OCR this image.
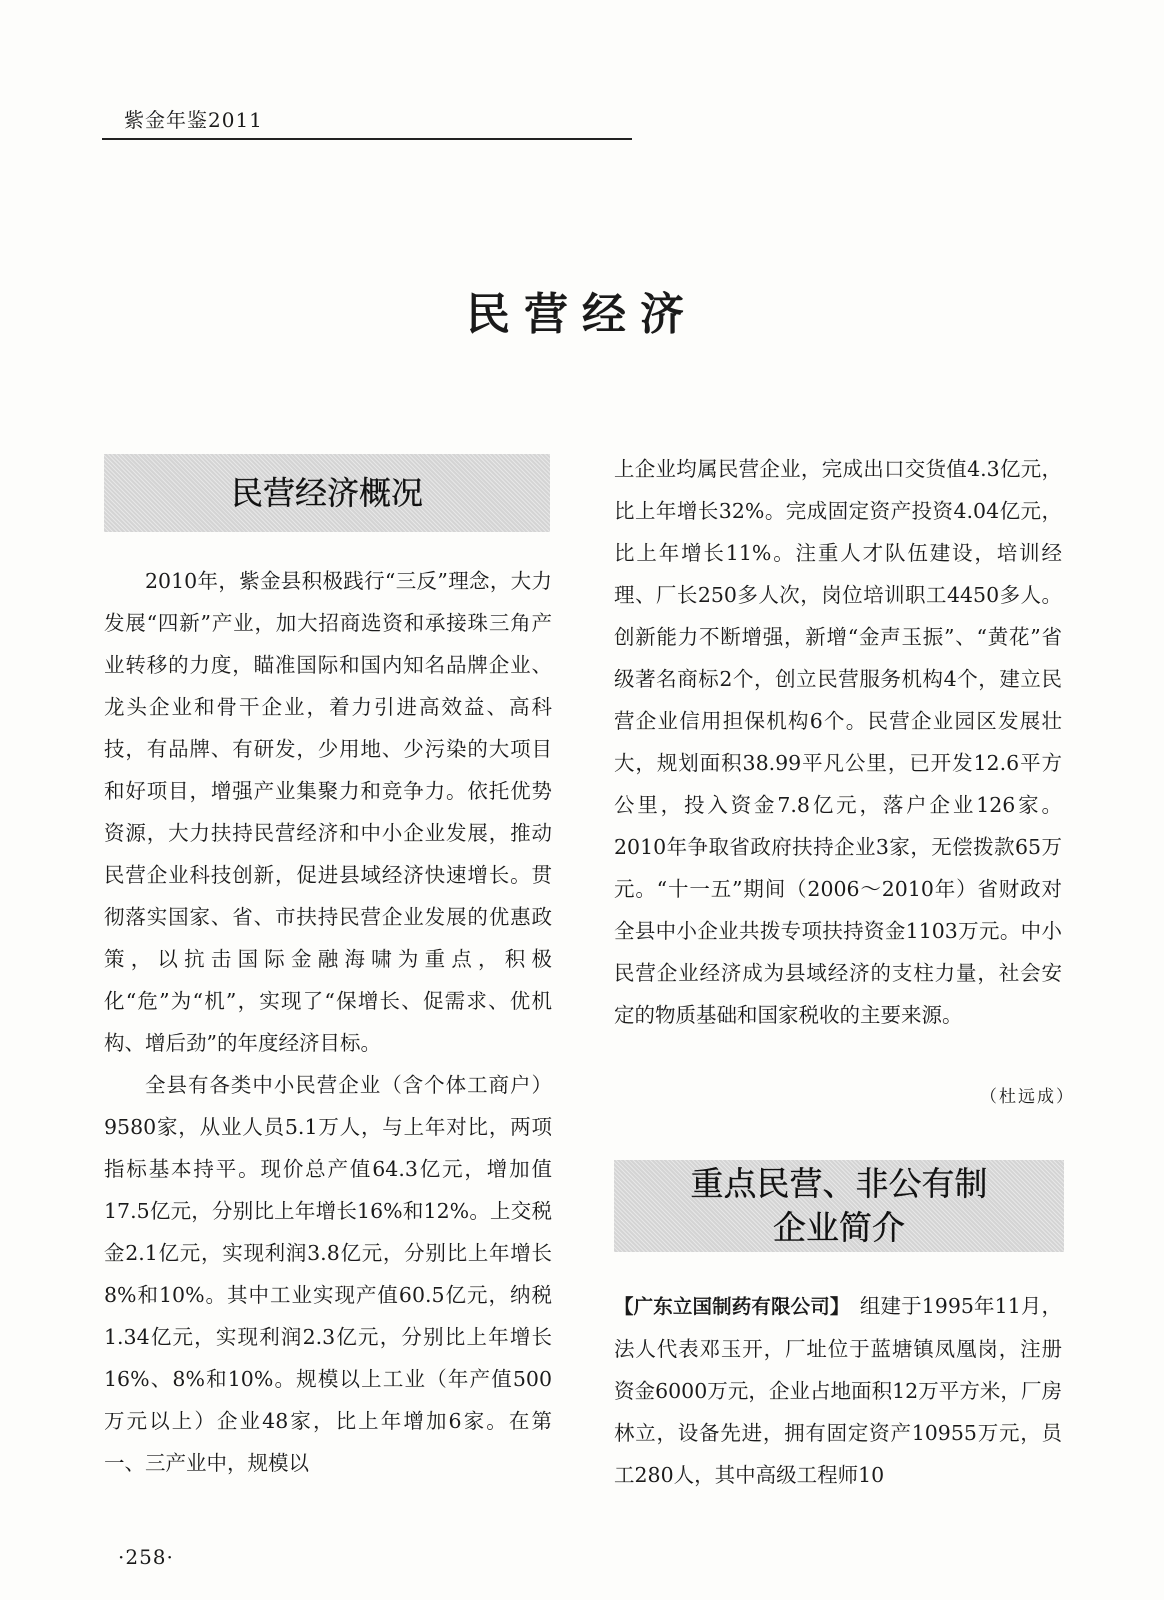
紫金年鉴2011
民营经济
民营经济概况

2010年，紫金县积极践行“三反”理念，大力发展“四新”产业，加大招商选资和承接珠三角产业转移的力度，瞄准国际和国内知名品牌企业、龙头企业和骨干企业，着力引进高效益、高科技，有品牌、有研发，少用地、少污染的大项目和好项目，增强产业集聚力和竞争力。依托优势资源，大力扶持民营经济和中小企业发展，推动民营企业科技创新，促进县域经济快速增长。贯彻落实国家、省、市扶持民营企业发展的优惠政策，以抗击国际金融海啸为重点，积极化“危”为“机”，实现了“保增长、促需求、优机构、增后劲”的年度经济目标。

全县有各类中小民营企业（含个体工商户）9580家，从业人员5.1万人，与上年对比，两项指标基本持平。现价总产值64.3亿元，增加值17.5亿元，分别比上年增长16%和12%。上交税金2.1亿元，实现利润3.8亿元，分别比上年增长8%和10%。其中工业实现产值60.5亿元，纳税1.34亿元，实现利润2.3亿元，分别比上年增长16%、8%和10%。规模以上工业（年产值500万元以上）企业48家，比上年增加6家。在第一、三产业中，规模以

上企业均属民营企业，完成出口交货值4.3亿元，比上年增长32%。完成固定资产投资4.04亿元，比上年增长11%。注重人才队伍建设，培训经理、厂长250多人次，岗位培训职工4450多人。创新能力不断增强，新增“金声玉振”、“黄花”省级著名商标2个，创立民营服务机构4个，建立民营企业信用担保机构6个。民营企业园区发展壮大，规划面积38.99平凡公里，已开发12.6平方公里，投入资金7.8亿元，落户企业126家。2010年争取省政府扶持企业3家，无偿拨款65万元。“十一五”期间（2006～2010年）省财政对全县中小企业共拨专项扶持资金1103万元。中小民营企业经济成为县域经济的支柱力量，社会安定的物质基础和国家税收的主要来源。

（杜远成）
重点民营、非公有制
企业简介

【广东立国制药有限公司】  组建于1995年11月，法人代表邓玉开，厂址位于蓝塘镇凤凰岗，注册资金6000万元，企业占地面积12万平方米，厂房林立，设备先进，拥有固定资产10955万元，员工280人，其中高级工程师10

·258·
